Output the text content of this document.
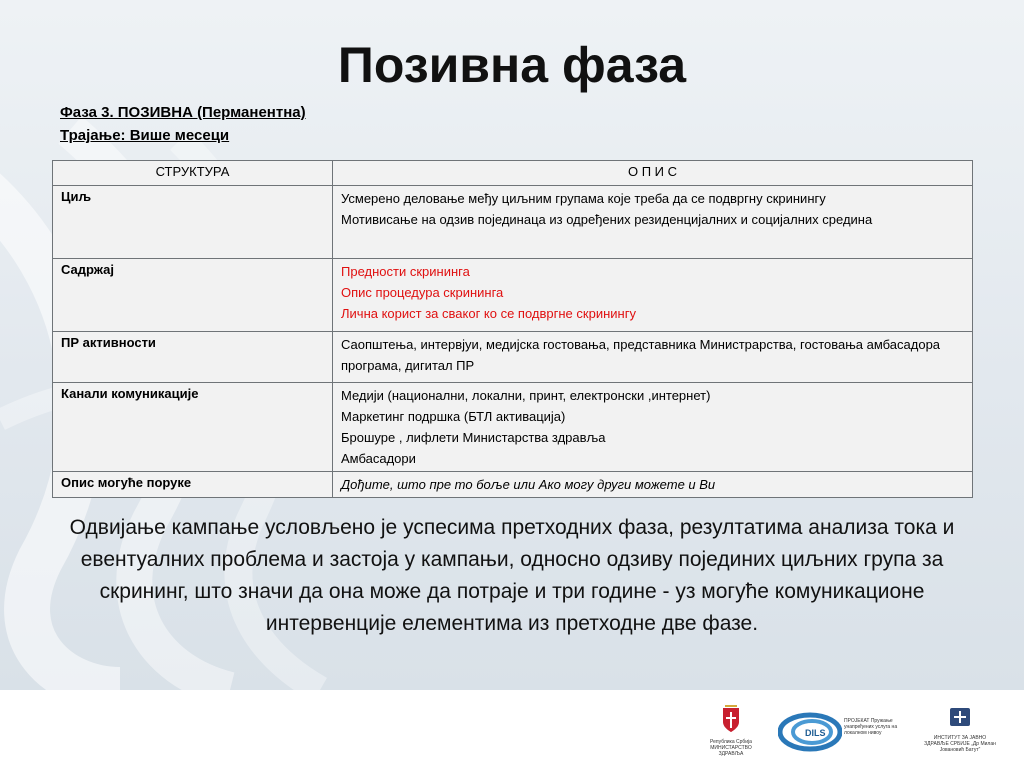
Позивна фаза
Фаза 3. ПОЗИВНА (Перманентна)
Трајање: Више месеци
СТРУКТУРА	О П И С
Циљ	Усмерено деловање међу циљним групама које треба да се подвргну скринингу
Мотивисање на одзив појединаца из одређених резиденцијалних и социјалних средина

Садржај	Предности скрининга
Опис процедура скрининга
Лична корист за сваког ко се подвргне скринингу

ПР активности	Саопштења, интервјуи, медијска гостовања, представника Министрарства, гостовања амбасадора програма, дигитал ПР

Канали комуникације	Медији (национални, локални, принт, електронски ,интернет)
Маркетинг подршка (БТЛ активација)
Брошуре , лифлети Министарства здравља
Амбасадори

Опис могуће поруке	Дођите, што пре то боље или Ако могу други можете и Ви
Одвијање кампање условљено је успесима претходних фаза, резултатима анализа тока и евентуалних проблема и застоја у кампањи, односно одзиву појединих циљних група за скрининг, што значи да она може да потраје и три године - уз могуће комуникационе интервенције елементима из претходне две фазе.
Република Србија МИНИСТАРСТВО ЗДРАВЉА
DILS
ПРОЈЕКАТ Пружање унапређених услуга на локалном нивоу
ИНСТИТУТ ЗА ЈАВНО ЗДРАВЉЕ СРБИЈЕ „Др Милан Јовановић Батут“
